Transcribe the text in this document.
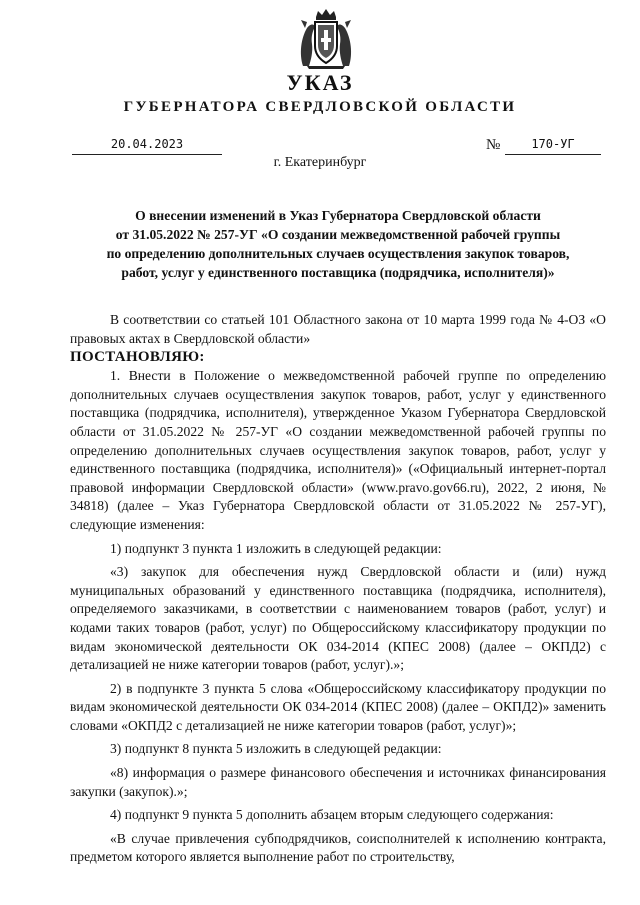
УКАЗ
ГУБЕРНАТОРА СВЕРДЛОВСКОЙ ОБЛАСТИ
20.04.2023	№	170-УГ
г. Екатеринбург
О внесении изменений в Указ Губернатора Свердловской области
от 31.05.2022 № 257-УГ «О создании межведомственной рабочей группы
по определению дополнительных случаев осуществления закупок товаров,
работ, услуг у единственного поставщика (подрядчика, исполнителя)»

В соответствии со статьей 101 Областного закона от 10 марта 1999 года № 4-ОЗ «О правовых актах в Свердловской области»

ПОСТАНОВЛЯЮ:

1. Внести в Положение о межведомственной рабочей группе по определению дополнительных случаев осуществления закупок товаров, работ, услуг у единственного поставщика (подрядчика, исполнителя), утвержденное Указом Губернатора Свердловской области от 31.05.2022 № 257-УГ «О создании межведомственной рабочей группы по определению дополнительных случаев осуществления закупок товаров, работ, услуг у единственного поставщика (подрядчика, исполнителя)» («Официальный интернет-портал правовой информации Свердловской области» (www.pravo.gov66.ru), 2022, 2 июня, № 34818) (далее – Указ Губернатора Свердловской области от 31.05.2022 № 257-УГ), следующие изменения:

1) подпункт 3 пункта 1 изложить в следующей редакции:

«3) закупок для обеспечения нужд Свердловской области и (или) нужд муниципальных образований у единственного поставщика (подрядчика, исполнителя), определяемого заказчиками, в соответствии с наименованием товаров (работ, услуг) и кодами таких товаров (работ, услуг) по Общероссийскому классификатору продукции по видам экономической деятельности ОК 034-2014 (КПЕС 2008) (далее – ОКПД2) с детализацией не ниже категории товаров (работ, услуг).»;

2) в подпункте 3 пункта 5 слова «Общероссийскому классификатору продукции по видам экономической деятельности ОК 034-2014 (КПЕС 2008) (далее – ОКПД2)» заменить словами «ОКПД2 с детализацией не ниже категории товаров (работ, услуг)»;

3) подпункт 8 пункта 5 изложить в следующей редакции:

«8) информация о размере финансового обеспечения и источниках финансирования закупки (закупок).»;

4) подпункт 9 пункта 5 дополнить абзацем вторым следующего содержания:

«В случае привлечения субподрядчиков, соисполнителей к исполнению контракта, предметом которого является выполнение работ по строительству,
